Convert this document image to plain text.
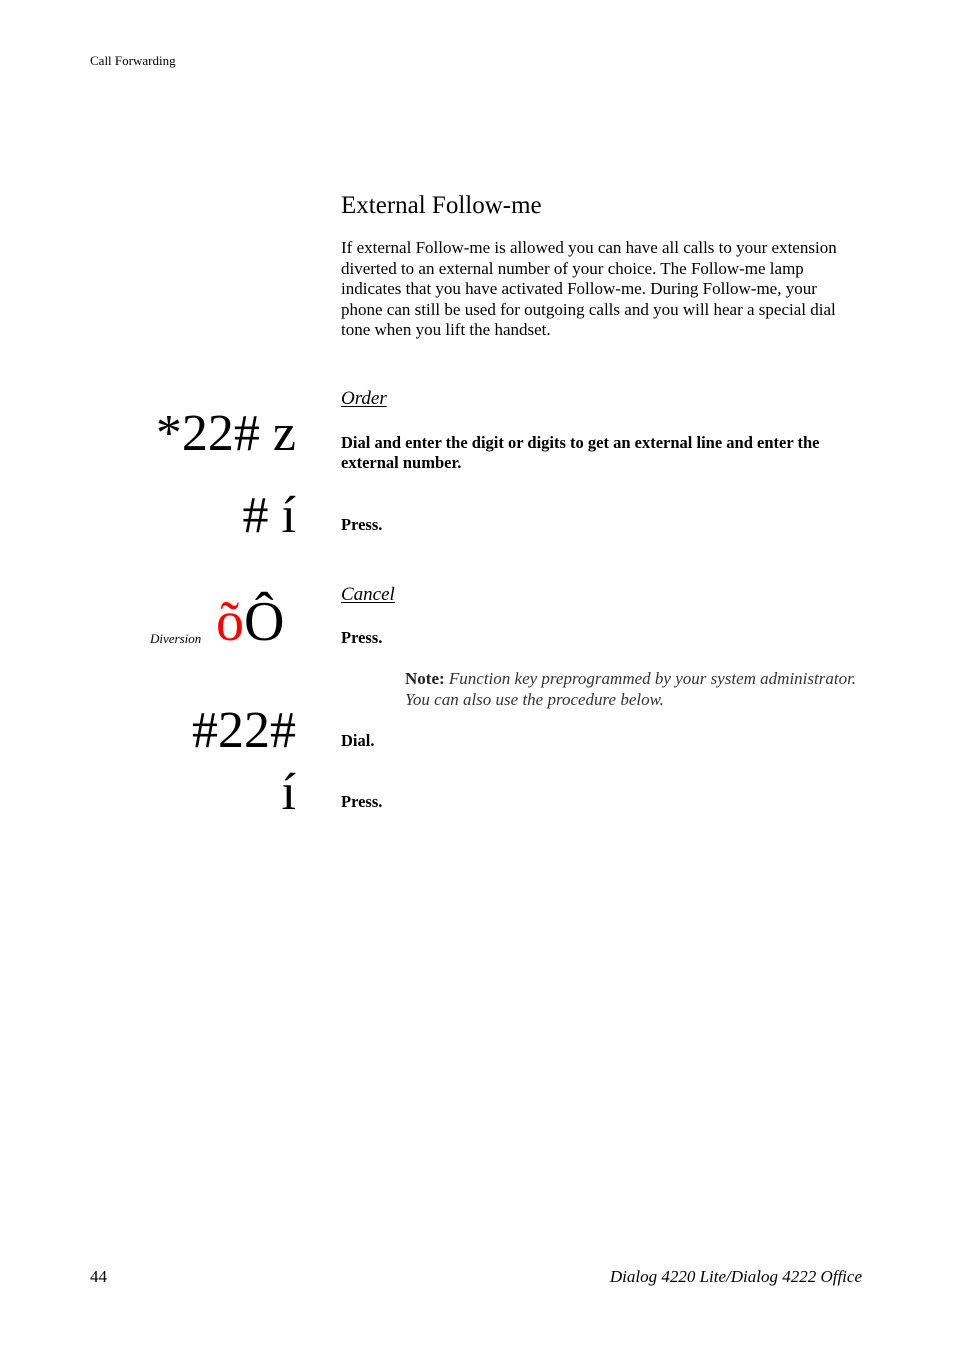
Call Forwarding
External Follow-me
If external Follow-me is allowed you can have all calls to your extension diverted to an external number of your choice. The Follow-me lamp indicates that you have activated Follow-me. During Follow-me, your phone can still be used for outgoing calls and you will hear a special dial tone when you lift the handset.
Order
*22# z	Dial and enter the digit or digits to get an external line and enter the external number.
# í	Press.
Cancel
Diversion õÔ	Press.
Note: Function key preprogrammed by your system administrator. You can also use the procedure below.
#22#	Dial.
í	Press.
44	Dialog 4220 Lite/Dialog 4222 Office
